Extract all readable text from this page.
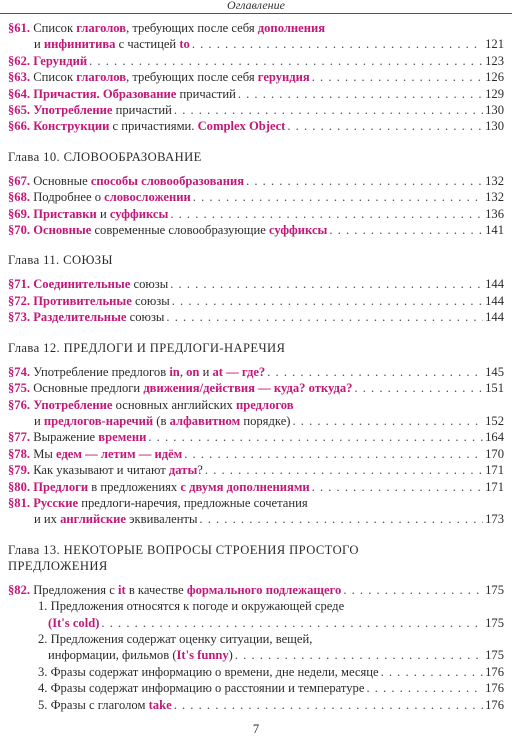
Оглавление
§61. Список глаголов, требующих после себя дополнения
и инфинитива с частицей to . . .	121
§62. Герундий . . .	123
§63. Список глаголов, требующих после себя герундия . . .	126
§64. Причастия. Образование причастий . . .	129
§65. Употребление причастий . . .	130
§66. Конструкции с причастиями. Complex Object . . .	130
Глава 10. СЛОВООБРАЗОВАНИЕ
§67. Основные способы словообразования . . .	132
§68. Подробнее о словосложении . . .	132
§69. Приставки и суффиксы . . .	136
§70. Основные современные словообразующие суффиксы . . .	141
Глава 11. СОЮЗЫ
§71. Соединительные союзы . . .	144
§72. Противительные союзы . . .	144
§73. Разделительные союзы . . .	144
Глава 12. ПРЕДЛОГИ И ПРЕДЛОГИ-НАРЕЧИЯ
§74. Употребление предлогов in, on и at — где? . . .	145
§75. Основные предлоги движения/действия — куда? откуда? . . .	151
§76. Употребление основных английских предлогов
и предлогов-наречий (в алфавитном порядке) . . .	152
§77. Выражение времени . . .	164
§78. Мы едем — летим — идём . . .	170
§79. Как указывают и читают даты? . . .	171
§80. Предлоги в предложениях с двумя дополнениями . . .	171
§81. Русские предлоги-наречия, предложные сочетания
и их английские эквиваленты . . .	173
Глава 13. НЕКОТОРЫЕ ВОПРОСЫ СТРОЕНИЯ ПРОСТОГО
ПРЕДЛОЖЕНИЯ
§82. Предложения с it в качестве формального подлежащего . . .	175
1. Предложения относятся к погоде и окружающей среде
(It's cold) . . .	175
2. Предложения содержат оценку ситуации, вещей,
информации, фильмов (It's funny) . . .	175
3. Фразы содержат информацию о времени, дне недели, месяце . . .	176
4. Фразы содержат информацию о расстоянии и температуре . . .	176
5. Фразы с глаголом take . . .	176
7
